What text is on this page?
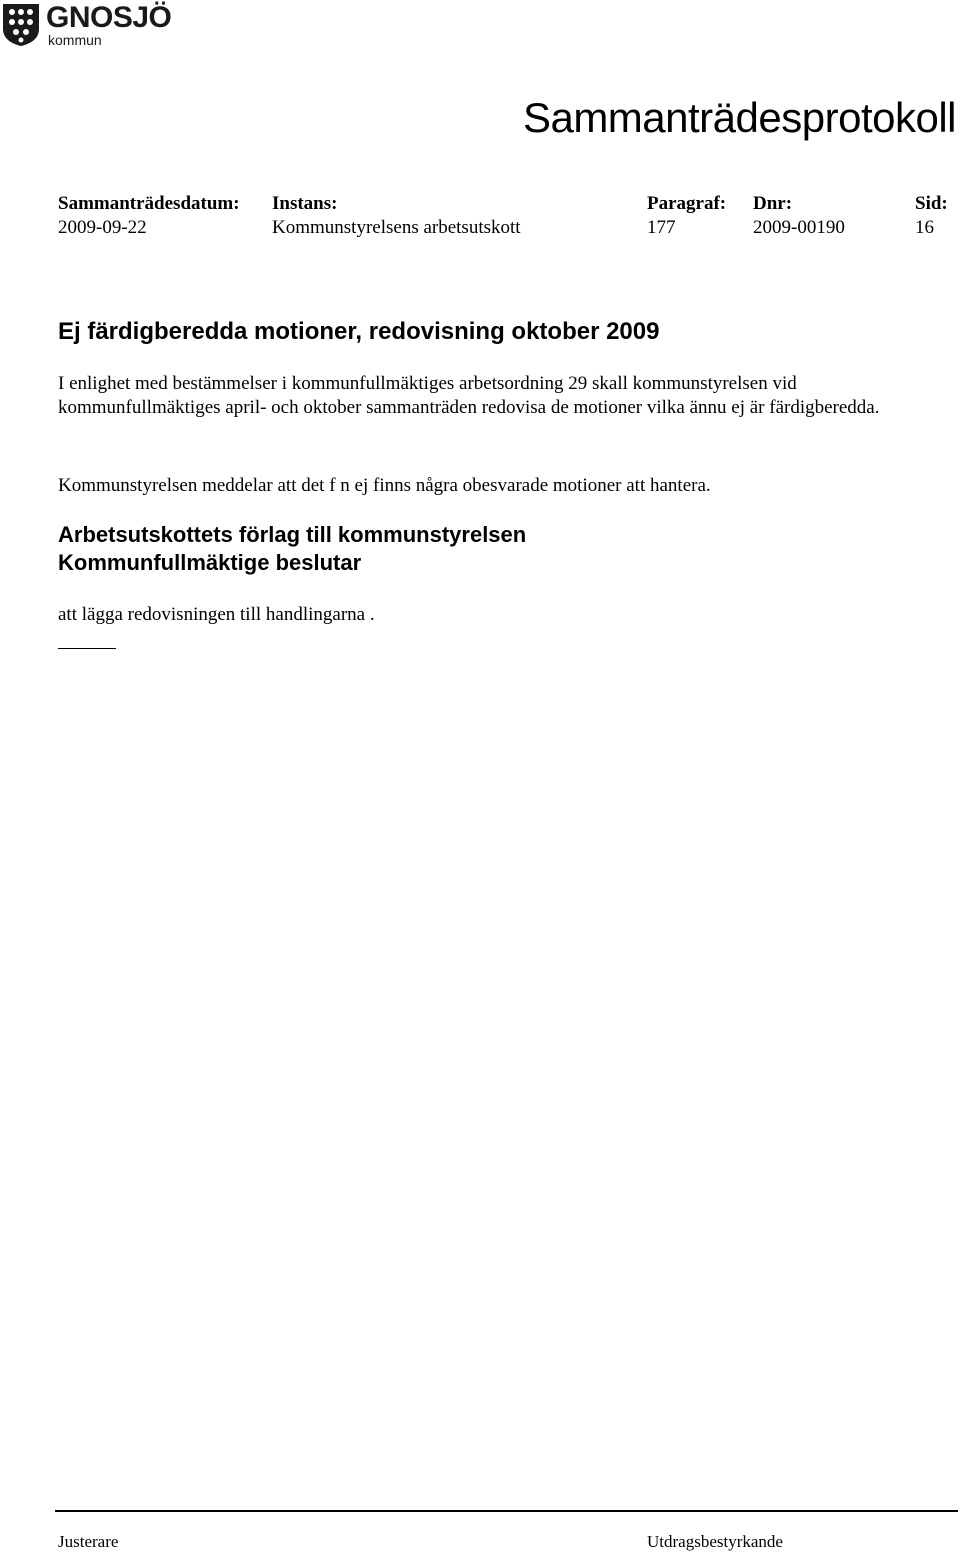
GNOSJÖ
kommun
Sammanträdesprotokoll
Sammanträdesdatum: Instans:	Paragraf: Dnr:	Sid:
2009-09-22	Kommunstyrelsens arbetsutskott	177	2009-00190	16
Ej färdigberedda motioner, redovisning oktober 2009
I enlighet med bestämmelser i kommunfullmäktiges arbetsordning 29 skall kommunstyrelsen vid kommunfullmäktiges april- och oktober sammanträden redovisa de motioner vilka ännu ej är färdigberedda.
Kommunstyrelsen meddelar att det f n ej finns några obesvarade motioner att hantera.
Arbetsutskottets förlag till kommunstyrelsen
Kommunfullmäktige beslutar
att lägga redovisningen till handlingarna .
Justerare	Utdragsbestyrkande
